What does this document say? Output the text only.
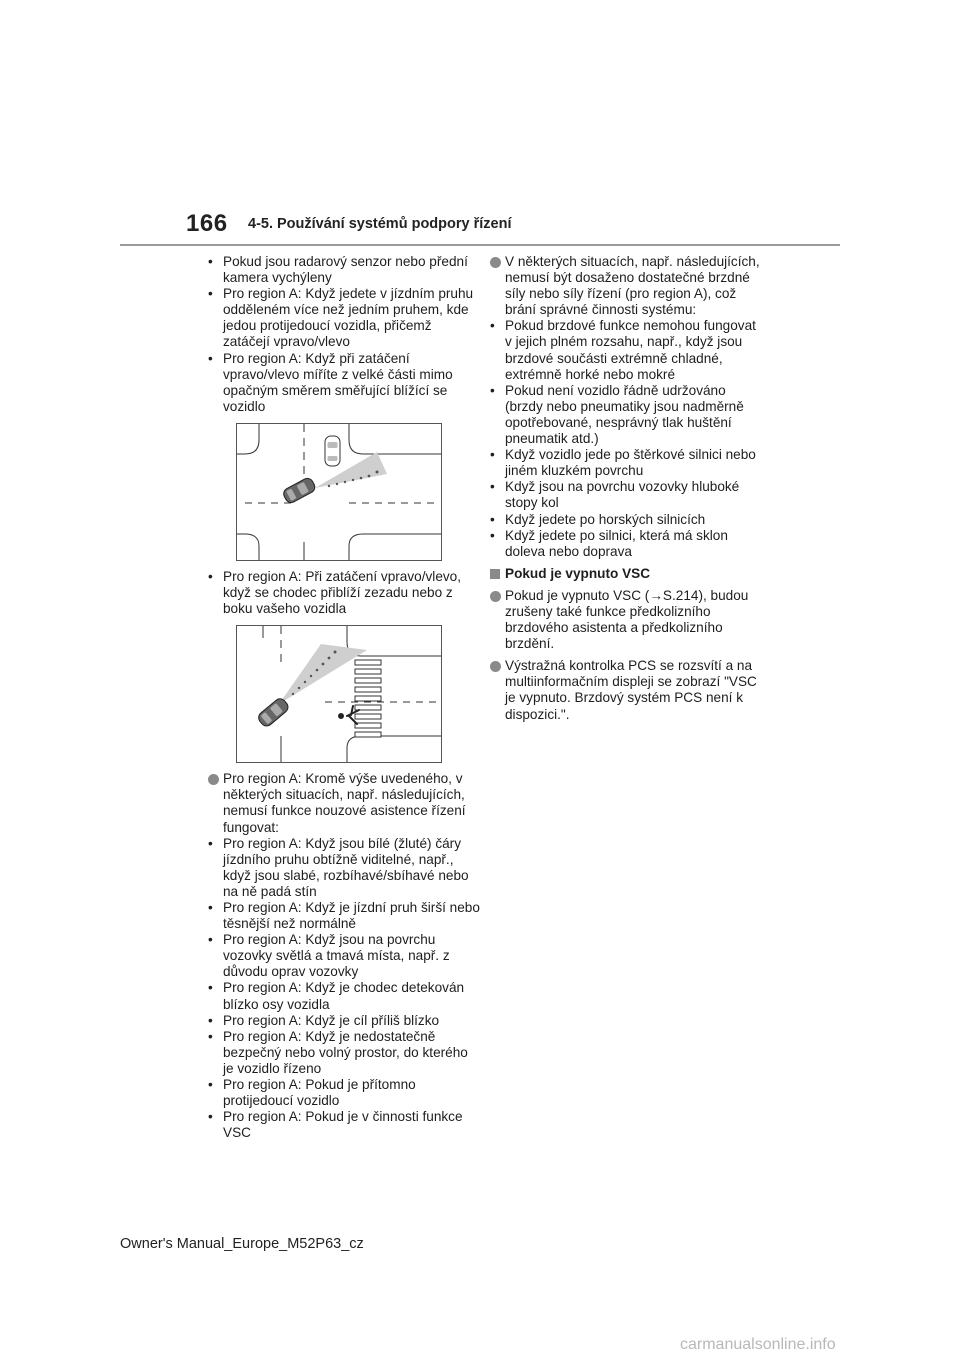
166 4-5. Používání systémů podpory řízení
• Pokud jsou radarový senzor nebo přední kamera vychýleny
• Pro region A: Když jedete v jízdním pruhu odděleném více než jedním pruhem, kde jedou protijedoucí vozidla, přičemž zatáčejí vpravo/vlevo
• Pro region A: Když při zatáčení vpravo/vlevo míříte z velké části mimo opačným směrem směřující blížící se vozidlo
• Pro region A: Při zatáčení vpravo/vlevo, když se chodec přiblíží zezadu nebo z boku vašeho vozidla
Pro region A: Kromě výše uvedeného, v některých situacích, např. následujících, nemusí funkce nouzové asistence řízení fungovat:
• Pro region A: Když jsou bílé (žluté) čáry jízdního pruhu obtížně viditelné, např., když jsou slabé, rozbíhavé/sbíhavé nebo na ně padá stín
• Pro region A: Když je jízdní pruh širší nebo těsnější než normálně
• Pro region A: Když jsou na povrchu vozovky světlá a tmavá místa, např. z důvodu oprav vozovky
• Pro region A: Když je chodec detekován blízko osy vozidla
• Pro region A: Když je cíl příliš blízko
• Pro region A: Když je nedostatečně bezpečný nebo volný prostor, do kterého je vozidlo řízeno
• Pro region A: Pokud je přítomno protijedoucí vozidlo
• Pro region A: Pokud je v činnosti funkce VSC
V některých situacích, např. následujících, nemusí být dosaženo dostatečné brzdné síly nebo síly řízení (pro region A), což brání správné činnosti systému:
• Pokud brzdové funkce nemohou fungovat v jejich plném rozsahu, např., když jsou brzdové součásti extrémně chladné, extrémně horké nebo mokré
• Pokud není vozidlo řádně udržováno (brzdy nebo pneumatiky jsou nadměrně opotřebované, nesprávný tlak huštění pneumatik atd.)
• Když vozidlo jede po štěrkové silnici nebo jiném kluzkém povrchu
• Když jsou na povrchu vozovky hluboké stopy kol
• Když jedete po horských silnicích
• Když jedete po silnici, která má sklon doleva nebo doprava
Pokud je vypnuto VSC
Pokud je vypnuto VSC (→S.214), budou zrušeny také funkce předkolizního brzdového asistenta a předkolizního brzdění.
Výstražná kontrolka PCS se rozsvítí a na multiinformačním displeji se zobrazí "VSC je vypnuto. Brzdový systém PCS není k dispozici.".
Owner's Manual_Europe_M52P63_cz
carmanualsonline.info
